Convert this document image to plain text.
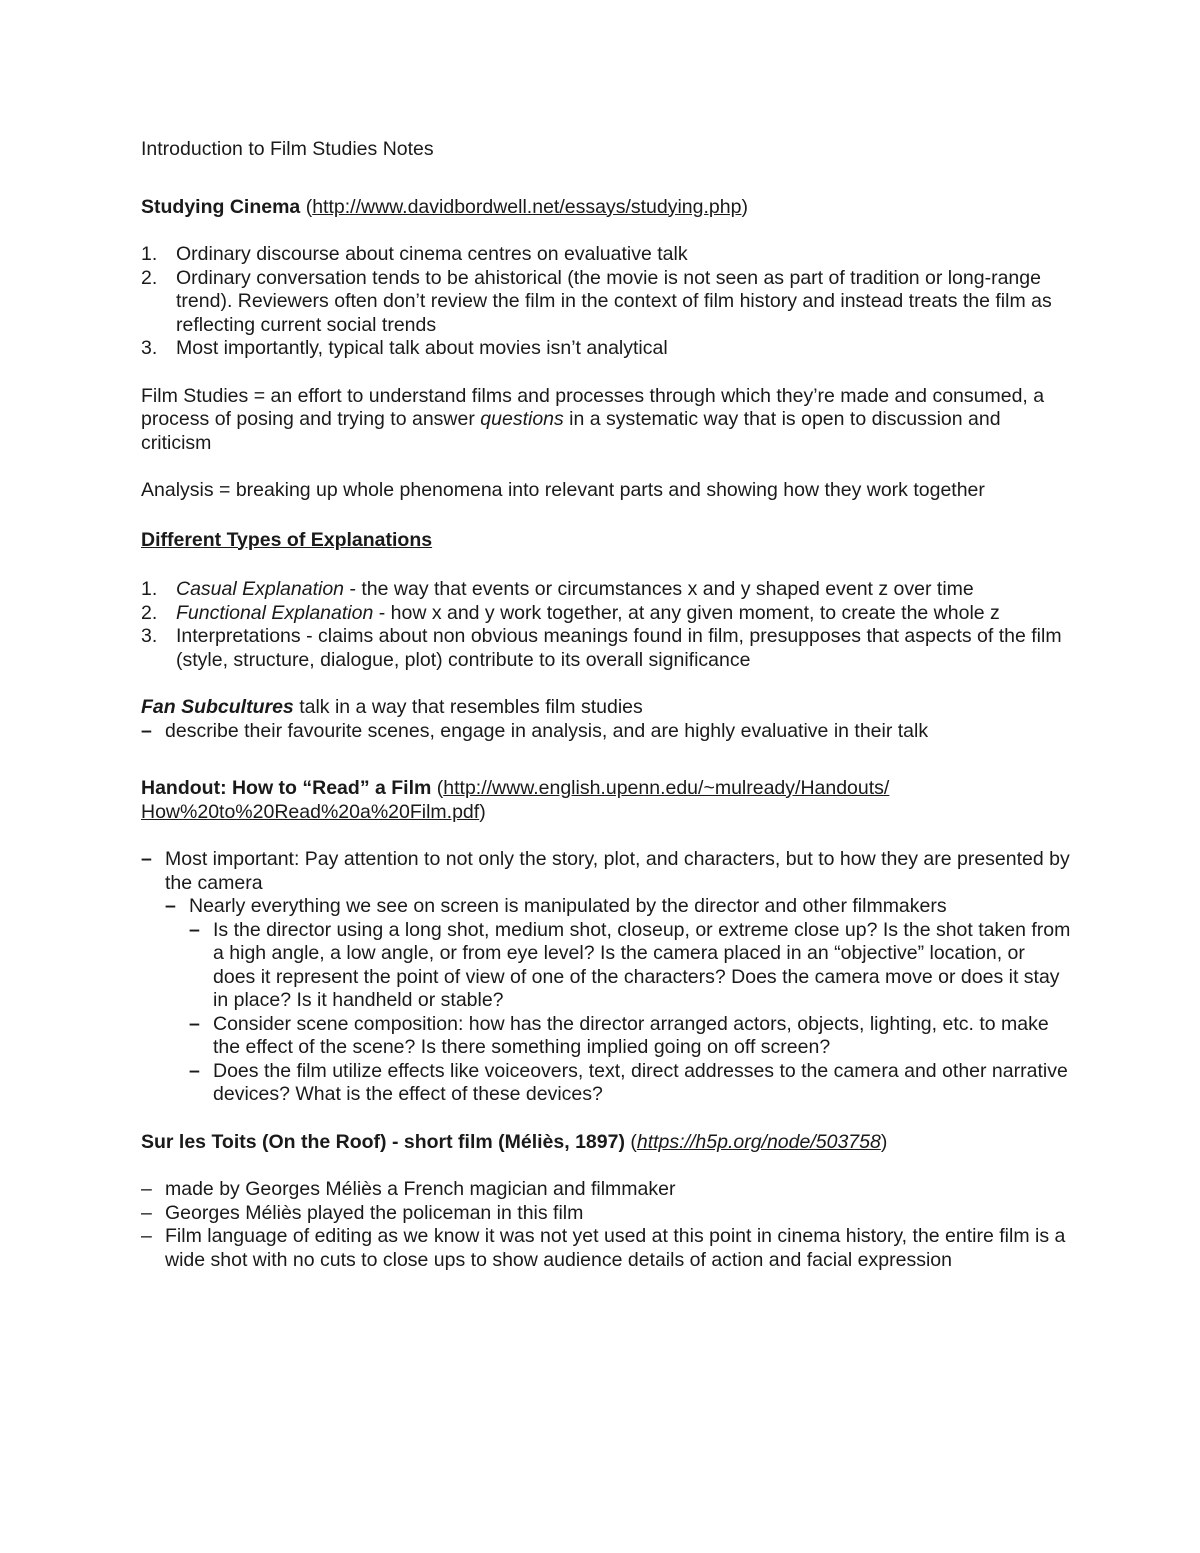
Introduction to Film Studies Notes

Studying Cinema (http://www.davidbordwell.net/essays/studying.php)

1. Ordinary discourse about cinema centres on evaluative talk
2. Ordinary conversation tends to be ahistorical (the movie is not seen as part of tradition or long-range trend). Reviewers often don’t review the film in the context of film history and instead treats the film as reflecting current social trends
3. Most importantly, typical talk about movies isn’t analytical

Film Studies = an effort to understand films and processes through which they’re made and consumed, a process of posing and trying to answer questions in a systematic way that is open to discussion and criticism

Analysis = breaking up whole phenomena into relevant parts and showing how they work together

Different Types of Explanations

1. Casual Explanation - the way that events or circumstances x and y shaped event z over time
2. Functional Explanation - how x and y work together, at any given moment, to create the whole z
3. Interpretations - claims about non obvious meanings found in film, presupposes that aspects of the film (style, structure, dialogue, plot) contribute to its overall significance

Fan Subcultures talk in a way that resembles film studies

– describe their favourite scenes, engage in analysis, and are highly evaluative in their talk

Handout: How to “Read” a Film (http://www.english.upenn.edu/~mulready/Handouts/
How%20to%20Read%20a%20Film.pdf)

– Most important: Pay attention to not only the story, plot, and characters, but to how they are presented by the camera
– Nearly everything we see on screen is manipulated by the director and other filmmakers
– Is the director using a long shot, medium shot, closeup, or extreme close up? Is the shot taken from a high angle, a low angle, or from eye level? Is the camera placed in an “objective” location, or does it represent the point of view of one of the characters? Does the camera move or does it stay in place? Is it handheld or stable?
– Consider scene composition: how has the director arranged actors, objects, lighting, etc. to make the effect of the scene? Is there something implied going on off screen?
– Does the film utilize effects like voiceovers, text, direct addresses to the camera and other narrative devices? What is the effect of these devices?

Sur les Toits (On the Roof) - short film (Méliès, 1897) (https://h5p.org/node/503758)

– made by Georges Méliès a French magician and filmmaker
– Georges Méliès played the policeman in this film
– Film language of editing as we know it was not yet used at this point in cinema history, the entire film is a wide shot with no cuts to close ups to show audience details of action and facial expression
